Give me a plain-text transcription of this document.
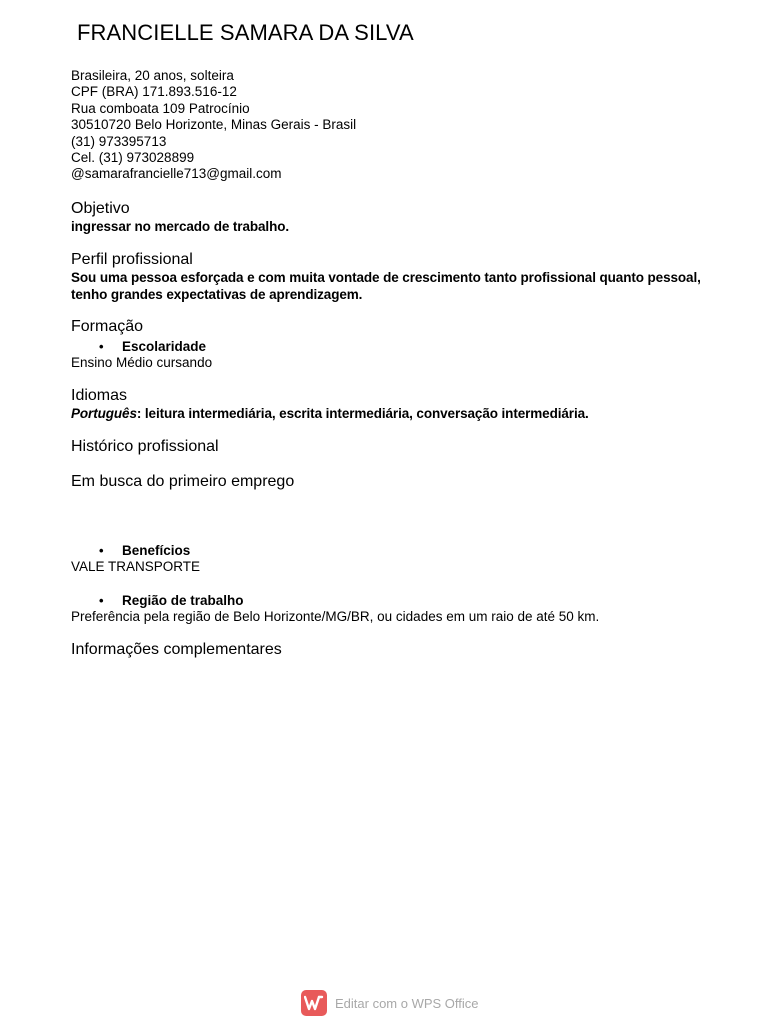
FRANCIELLE SAMARA DA SILVA
Brasileira, 20 anos, solteira
CPF (BRA) 171.893.516-12
Rua comboata 109 Patrocínio
30510720 Belo Horizonte, Minas Gerais - Brasil
(31) 973395713
Cel. (31) 973028899
@samarafrancielle713@gmail.com
Objetivo
ingressar no mercado de trabalho.
Perfil profissional
Sou uma pessoa esforçada e com muita vontade de crescimento tanto profissional quanto pessoal,
tenho grandes expectativas de aprendizagem.
Formação
• Escolaridade
Ensino Médio cursando
Idiomas
Português: leitura intermediária, escrita intermediária, conversação intermediária.
Histórico profissional
Em busca do primeiro emprego
• Benefícios
VALE TRANSPORTE
• Região de trabalho
Preferência pela região de Belo Horizonte/MG/BR, ou cidades em um raio de até 50 km.
Informações complementares
Editar com o WPS Office
